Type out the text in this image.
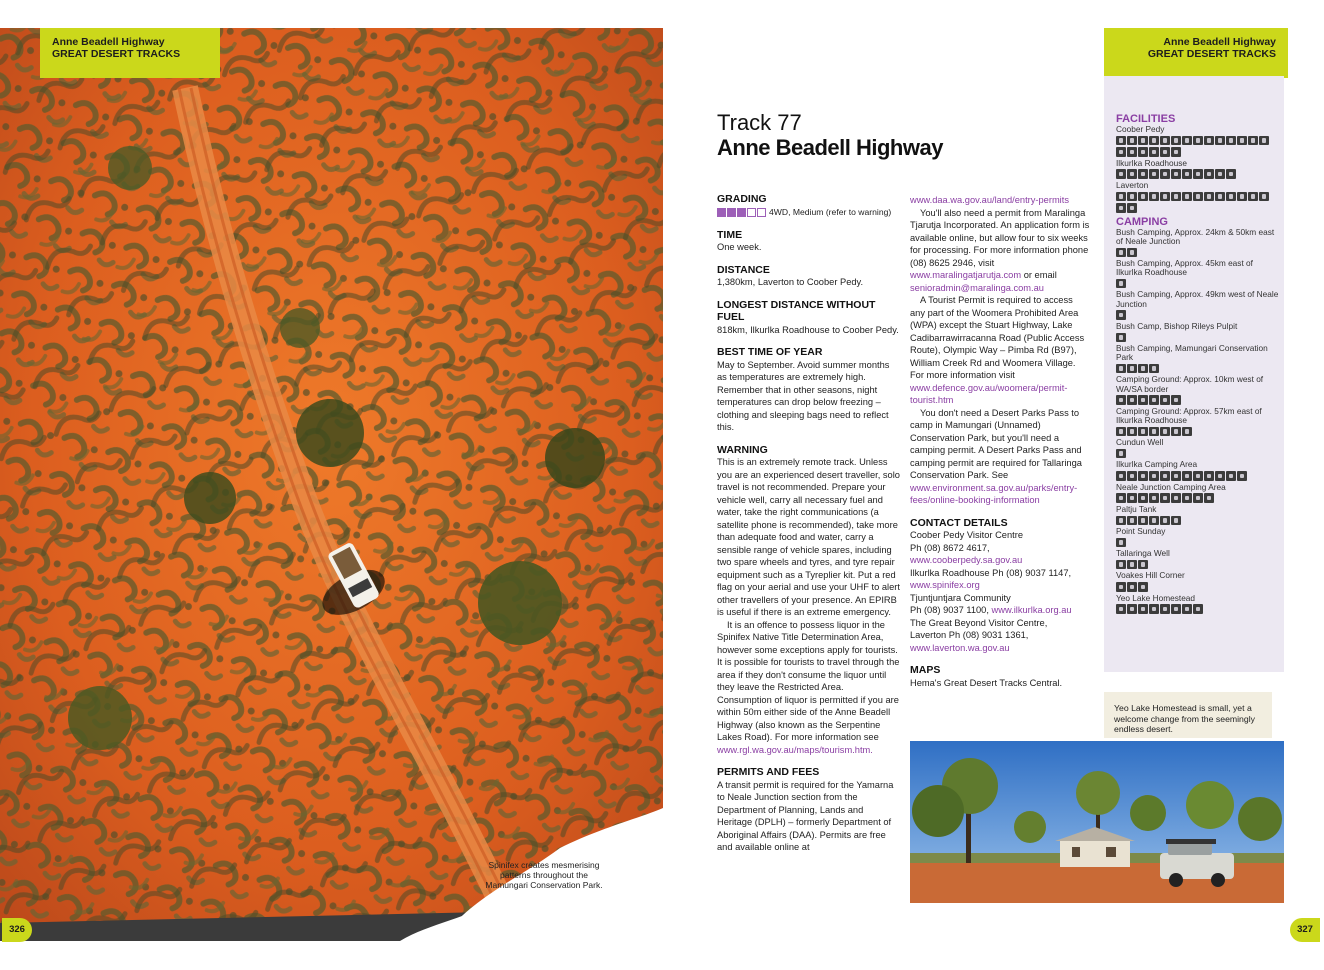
Anne Beadell Highway
GREAT DESERT TRACKS
Spinifex creates mesmerising patterns throughout the Mamungari Conservation Park.
326
Track 77
Anne Beadell Highway
GRADING
4WD, Medium (refer to warning)
TIME
One week.
DISTANCE
1,380km, Laverton to Coober Pedy.
LONGEST DISTANCE WITHOUT FUEL
818km, Ilkurlka Roadhouse to Coober Pedy.
BEST TIME OF YEAR
May to September. Avoid summer months as temperatures are extremely high. Remember that in other seasons, night temperatures can drop below freezing – clothing and sleeping bags need to reflect this.
WARNING

This is an extremely remote track. Unless you are an experienced desert traveller, solo travel is not recommended. Prepare your vehicle well, carry all necessary fuel and water, take the right communications (a satellite phone is recommended), take more than adequate food and water, carry a sensible range of vehicle spares, including two spare wheels and tyres, and tyre repair equipment such as a Tyreplier kit. Put a red flag on your aerial and use your UHF to alert other travellers of your presence. An EPIRB is useful if there is an extreme emergency.

It is an offence to possess liquor in the Spinifex Native Title Determination Area, however some exceptions apply for tourists. It is possible for tourists to travel through the area if they don't consume the liquor until they leave the Restricted Area. Consumption of liquor is permitted if you are within 50m either side of the Anne Beadell Highway (also known as the Serpentine Lakes Road). For more information see www.rgl.wa.gov.au/maps/tourism.htm.

PERMITS AND FEES

A transit permit is required for the Yamarna to Neale Junction section from the Department of Planning, Lands and Heritage (DPLH) – formerly Department of Aboriginal Affairs (DAA). Permits are free and available online at

www.daa.wa.gov.au/land/entry-permits

You'll also need a permit from Maralinga Tjarutja Incorporated. An application form is available online, but allow four to six weeks for processing. For more information phone (08) 8625 2946, visit www.maralingatjarutja.com or email senioradmin@maralinga.com.au

A Tourist Permit is required to access any part of the Woomera Prohibited Area (WPA) except the Stuart Highway, Lake Cadibarrawirracanna Road (Public Access Route), Olympic Way – Pimba Rd (B97), William Creek Rd and Woomera Village. For more information visit www.defence.gov.au/woomera/permit-tourist.htm

You don't need a Desert Parks Pass to camp in Mamungari (Unnamed) Conservation Park, but you'll need a camping permit. A Desert Parks Pass and camping permit are required for Tallaringa Conservation Park. See www.environment.sa.gov.au/parks/entry-fees/online-booking-information

CONTACT DETAILS
Coober Pedy Visitor Centre
Ph (08) 8672 4617,
www.cooberpedy.sa.gov.au
Ilkurlka Roadhouse Ph (08) 9037 1147,
www.spinifex.org
Tjuntjuntjara Community
Ph (08) 9037 1100, www.ilkurlka.org.au
The Great Beyond Visitor Centre,
Laverton Ph (08) 9031 1361,
www.laverton.wa.gov.au
MAPS
Hema's Great Desert Tracks Central.
Anne Beadell Highway
GREAT DESERT TRACKS
FACILITIES
Coober Pedy
Ilkurlka Roadhouse
Laverton
CAMPING
Bush Camping, Approx. 24km & 50km east of Neale Junction
Bush Camping, Approx. 45km east of Ilkurlka Roadhouse
Bush Camping, Approx. 49km west of Neale Junction
Bush Camp, Bishop Rileys Pulpit
Bush Camping, Mamungari Conservation Park
Camping Ground: Approx. 10km west of WA/SA border
Camping Ground: Approx. 57km east of Ilkurlka Roadhouse
Cundun Well
Ilkurlka Camping Area
Neale Junction Camping Area
Paltju Tank
Point Sunday
Tallaringa Well
Voakes Hill Corner
Yeo Lake Homestead
Yeo Lake Homestead is small, yet a welcome change from the seemingly endless desert.
327
